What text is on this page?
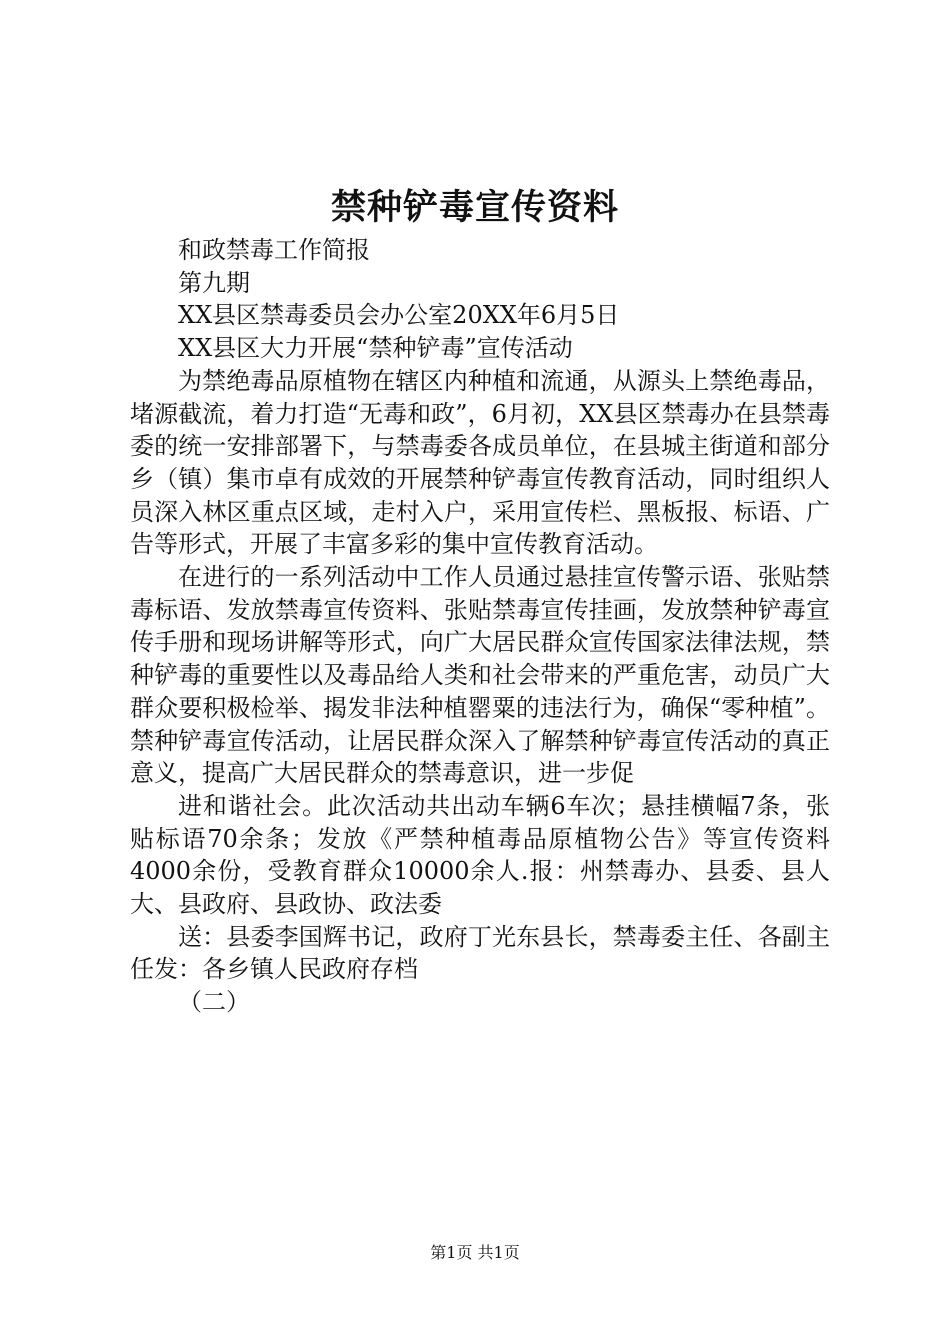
禁种铲毒宣传资料

和政禁毒工作简报

第九期

XX县区禁毒委员会办公室20XX年6月5日

XX县区大力开展“禁种铲毒”宣传活动

为禁绝毒品原植物在辖区内种植和流通，从源头上禁绝毒品，堵源截流，着力打造“无毒和政”，6月初，XX县区禁毒办在县禁毒委的统一安排部署下，与禁毒委各成员单位，在县城主街道和部分乡（镇）集市卓有成效的开展禁种铲毒宣传教育活动，同时组织人员深入林区重点区域，走村入户，采用宣传栏、黑板报、标语、广告等形式，开展了丰富多彩的集中宣传教育活动。

在进行的一系列活动中工作人员通过悬挂宣传警示语、张贴禁毒标语、发放禁毒宣传资料、张贴禁毒宣传挂画，发放禁种铲毒宣传手册和现场讲解等形式，向广大居民群众宣传国家法律法规，禁种铲毒的重要性以及毒品给人类和社会带来的严重危害，动员广大群众要积极检举、揭发非法种植罂粟的违法行为，确保“零种植”。禁种铲毒宣传活动，让居民群众深入了解禁种铲毒宣传活动的真正意义，提高广大居民群众的禁毒意识，进一步促

进和谐社会。此次活动共出动车辆6车次；悬挂横幅7条，张贴标语70余条；发放《严禁种植毒品原植物公告》等宣传资料4000余份，受教育群众10000余人.报：州禁毒办、县委、县人大、县政府、县政协、政法委

送：县委李国辉书记，政府丁光东县长，禁毒委主任、各副主任发：各乡镇人民政府存档

（二）

第1页 共1页
